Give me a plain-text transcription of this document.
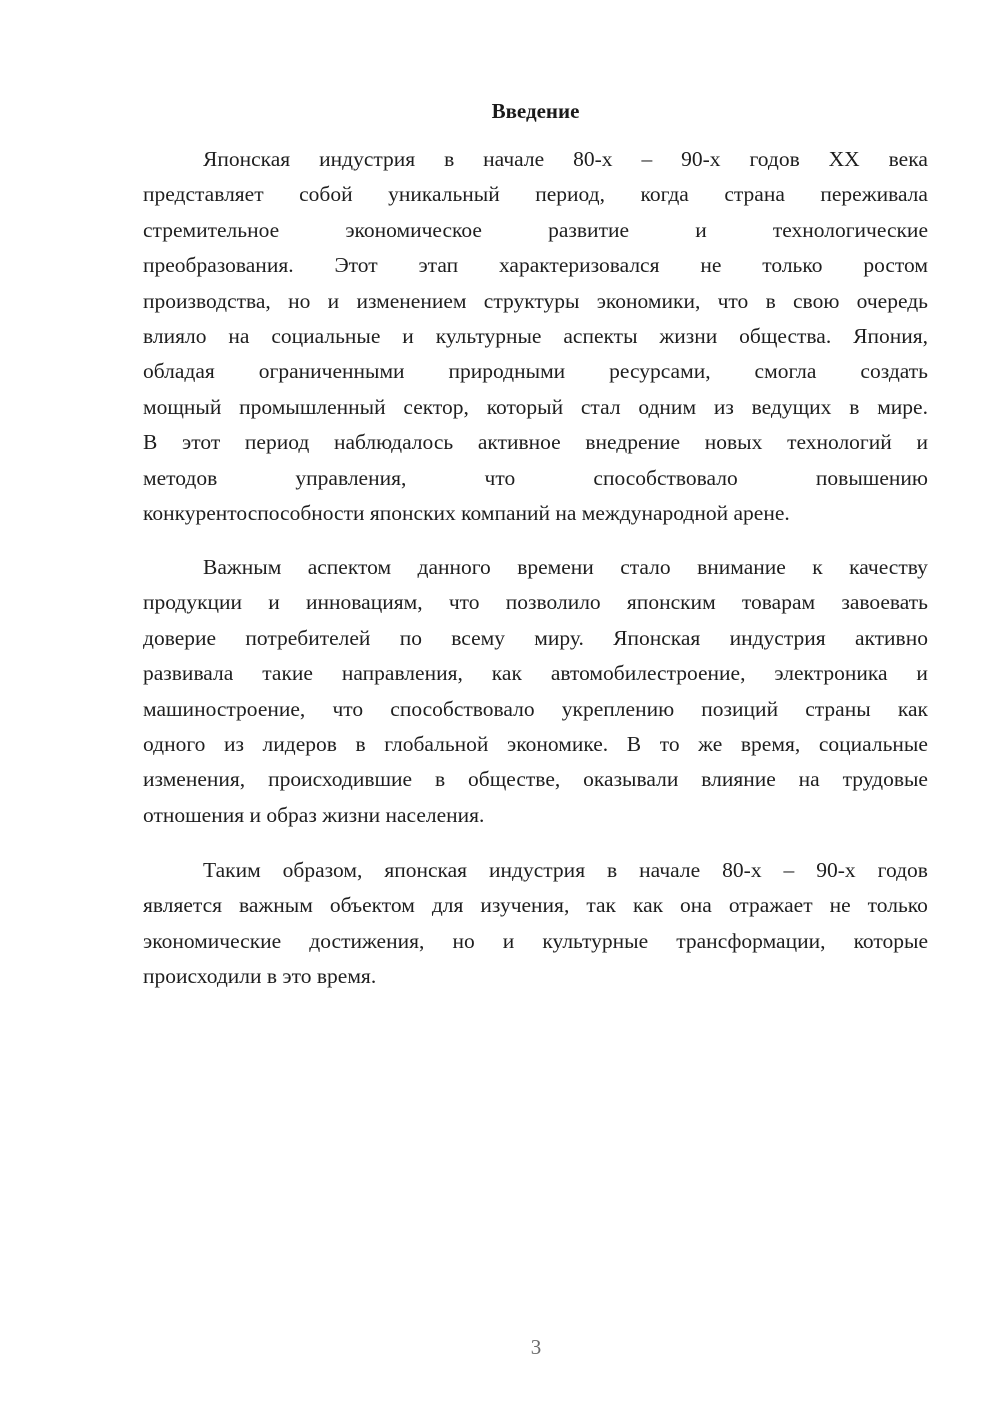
Введение
Японская индустрия в начале 80-х – 90-х годов XX века
представляет собой уникальный период, когда страна переживала
стремительное	экономическое	развитие	и	технологические
преобразования. Этот этап характеризовался не только ростом
производства, но и изменением структуры экономики, что в свою очередь
влияло на социальные и культурные аспекты жизни общества. Япония,
обладая ограниченными природными ресурсами, смогла создать
мощный промышленный сектор, который стал одним из ведущих в мире.
В этот период наблюдалось активное внедрение новых технологий и
методов	управления,	что	способствовало	повышению
конкурентоспособности японских компаний на международной арене.
Важным аспектом данного времени стало внимание к качеству
продукции и инновациям, что позволило японским товарам завоевать
доверие потребителей по всему миру. Японская индустрия активно
развивала такие направления, как автомобилестроение, электроника и
машиностроение, что способствовало укреплению позиций страны как
одного из лидеров в глобальной экономике. В то же время, социальные
изменения, происходившие в обществе, оказывали влияние на трудовые
отношения и образ жизни населения.
Таким образом, японская индустрия в начале 80-х – 90-х годов
является важным объектом для изучения, так как она отражает не только
экономические достижения, но и культурные трансформации, которые
происходили в это время.
3
